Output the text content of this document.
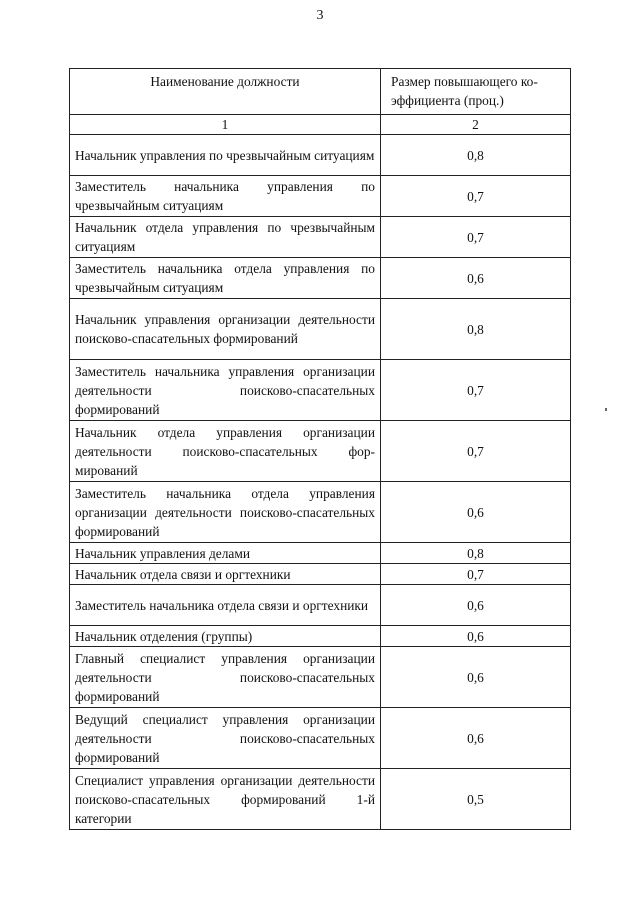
3
Наименование должности	Размер повышающего коэффициента (проц.)
1	2
Начальник управления по чрезвычайным ситуациям	0,8
Заместитель начальника управления по чрезвычайным ситуациям	0,7
Начальник отдела управления по чрезвычайным ситуациям	0,7
Заместитель начальника отдела управления по чрезвычайным ситуациям	0,6
Начальник управления организации деятельности поисково-спасательных формирований	0,8
Заместитель начальника управления организации деятельности поисково-спасательных формирований	0,7
Начальник отдела управления организации деятельности поисково-спасательных формирований	0,7
Заместитель начальника отдела управления организации деятельности поисково-спасательных формирований	0,6
Начальник управления делами	0,8
Начальник отдела связи и оргтехники	0,7
Заместитель начальника отдела связи и оргтехники	0,6
Начальник отделения (группы)	0,6
Главный специалист управления организации деятельности поисково-спасательных формирований	0,6
Ведущий специалист управления организации деятельности поисково-спасательных формирований	0,6
Специалист управления организации деятельности поисково-спасательных формирований 1-й категории	0,5
